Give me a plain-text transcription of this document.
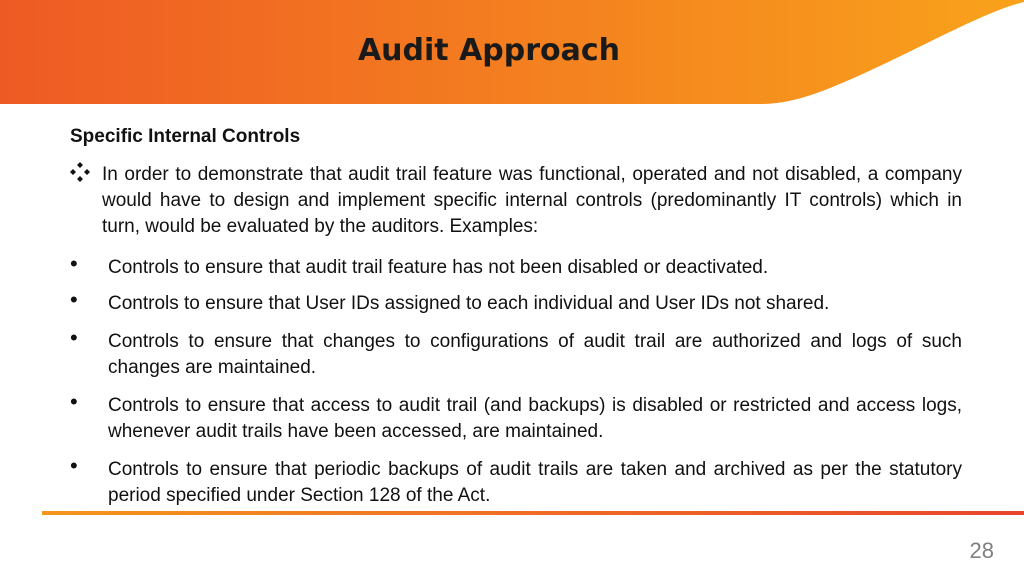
Audit Approach
Specific Internal Controls
In order to demonstrate that audit trail feature was functional, operated and not disabled, a company would have to design and implement specific internal controls (predominantly IT controls) which in turn, would be evaluated by the auditors. Examples:
• Controls to ensure that audit trail feature has not been disabled or deactivated.
• Controls to ensure that User IDs assigned to each individual and User IDs not shared.
• Controls to ensure that changes to configurations of audit trail are authorized and logs of such changes are maintained.
• Controls to ensure that access to audit trail (and backups) is disabled or restricted and access logs, whenever audit trails have been accessed, are maintained.
• Controls to ensure that periodic backups of audit trails are taken and archived as per the statutory period specified under Section 128 of the Act.
28
